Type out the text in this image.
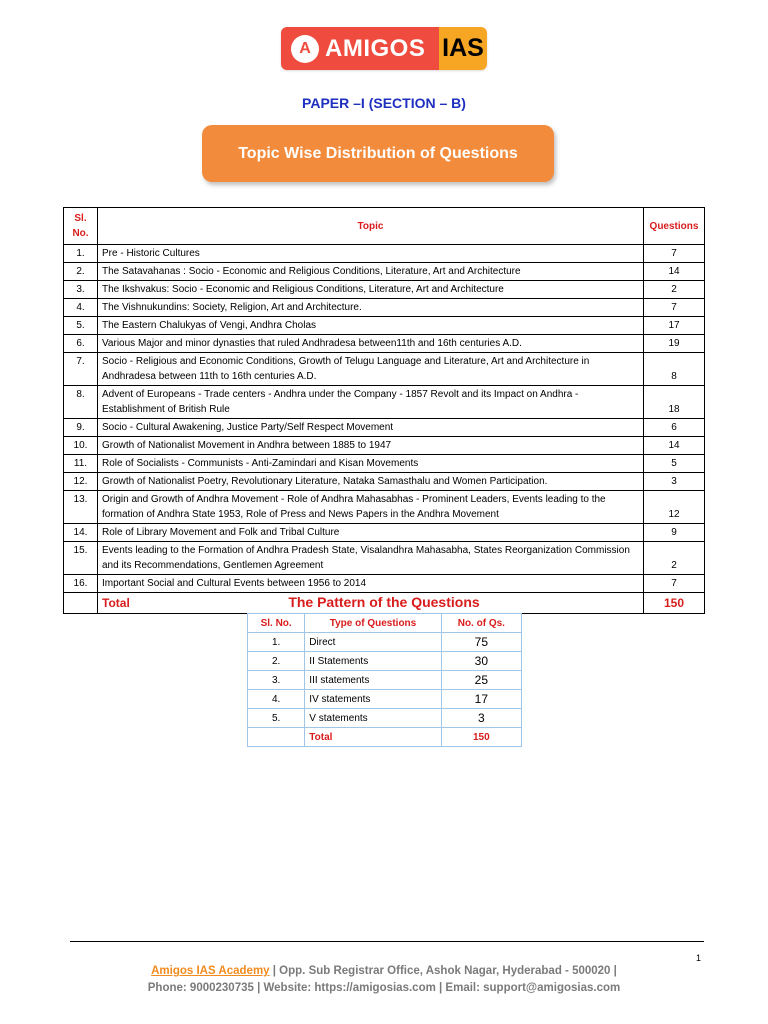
A AMIGOS IAS
PAPER –I (SECTION – B)
Topic Wise Distribution of Questions
Sl. No.	Topic	Questions
1.	Pre - Historic Cultures	7
2.	The Satavahanas : Socio - Economic and Religious Conditions, Literature, Art and Architecture	14
3.	The Ikshvakus: Socio - Economic and Religious Conditions, Literature, Art and Architecture	2
4.	The Vishnukundins: Society, Religion, Art and Architecture.	7
5.	The Eastern Chalukyas of Vengi, Andhra Cholas	17
6.	Various Major and minor dynasties that ruled Andhradesa between11th and 16th centuries A.D.	19
7.	Socio - Religious and Economic Conditions, Growth of Telugu Language and Literature, Art and Architecture in Andhradesa between 11th to 16th centuries A.D.	8
8.	Advent of Europeans - Trade centers - Andhra under the Company - 1857 Revolt and its Impact on Andhra - Establishment of British Rule	18
9.	Socio - Cultural Awakening, Justice Party/Self Respect Movement	6
10.	Growth of Nationalist Movement in Andhra between 1885 to 1947	14
11.	Role of Socialists - Communists - Anti-Zamindari and Kisan Movements	5
12.	Growth of Nationalist Poetry, Revolutionary Literature, Nataka Samasthalu and Women Participation.	3
13.	Origin and Growth of Andhra Movement - Role of Andhra Mahasabhas - Prominent Leaders, Events leading to the formation of Andhra State 1953, Role of Press and News Papers in the Andhra Movement	12
14.	Role of Library Movement and Folk and Tribal Culture	9
15.	Events leading to the Formation of Andhra Pradesh State, Visalandhra Mahasabha, States Reorganization Commission and its Recommendations, Gentlemen Agreement	2
16.	Important Social and Cultural Events between 1956 to 2014	7
	Total	150
The Pattern of the Questions
Sl. No.	Type of Questions	No. of Qs.
1.	Direct	75
2.	II Statements	30
3.	III statements	25
4.	IV statements	17
5.	V statements	3
	Total	150
1
Amigos IAS Academy | Opp. Sub Registrar Office, Ashok Nagar, Hyderabad - 500020 |
Phone: 9000230735 | Website: https://amigosias.com | Email: support@amigosias.com
